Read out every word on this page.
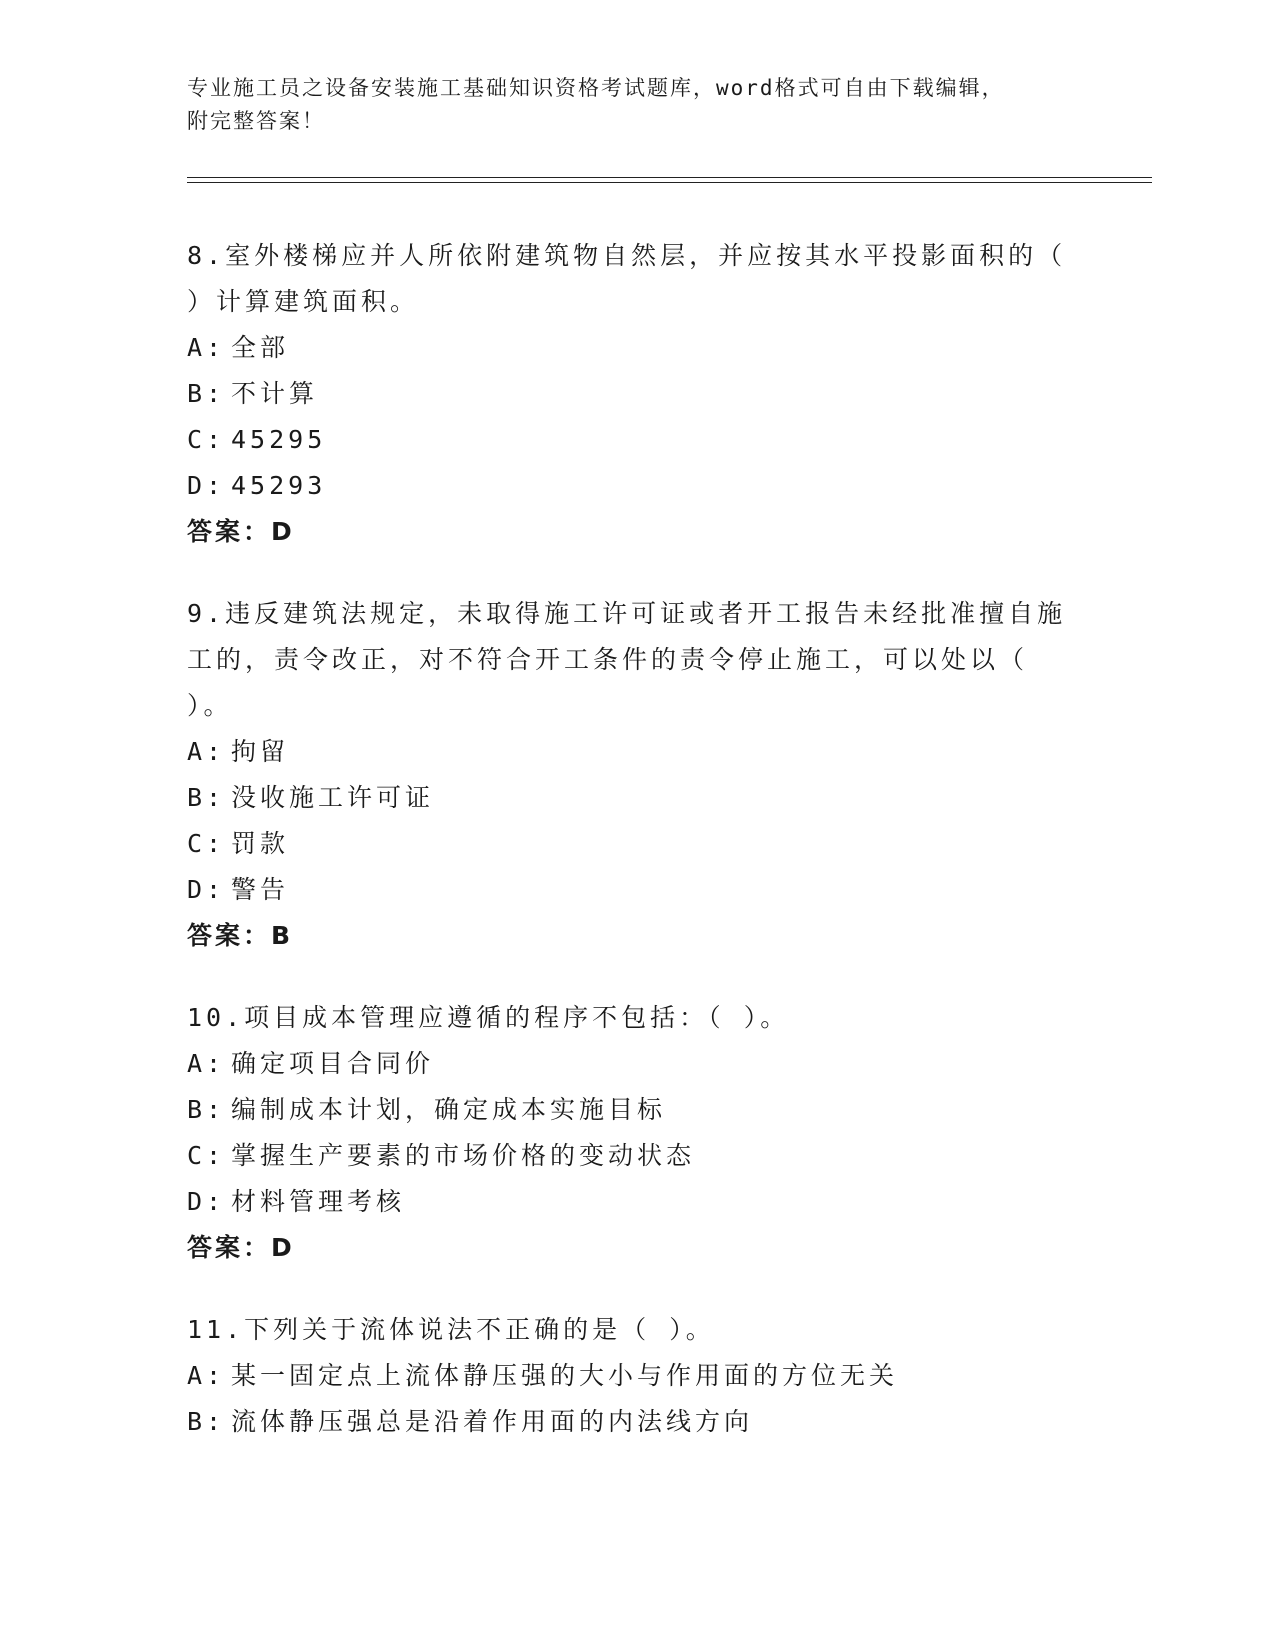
专业施工员之设备安装施工基础知识资格考试题库，word格式可自由下载编辑，
附完整答案！

8.室外楼梯应并人所依附建筑物自然层，并应按其水平投影面积的（ ）计算建筑面积。

A: 全部
B: 不计算
C: 45295
D: 45293
答案：D

9.违反建筑法规定，未取得施工许可证或者开工报告未经批准擅自施工的，责令改正，对不符合开工条件的责令停止施工，可以处以（ ）。

A: 拘留
B: 没收施工许可证
C: 罚款
D: 警告
答案：B

10.项目成本管理应遵循的程序不包括：（ ）。

A: 确定项目合同价
B: 编制成本计划，确定成本实施目标
C: 掌握生产要素的市场价格的变动状态
D: 材料管理考核
答案：D

11.下列关于流体说法不正确的是（ ）。

A: 某一固定点上流体静压强的大小与作用面的方位无关
B: 流体静压强总是沿着作用面的内法线方向
